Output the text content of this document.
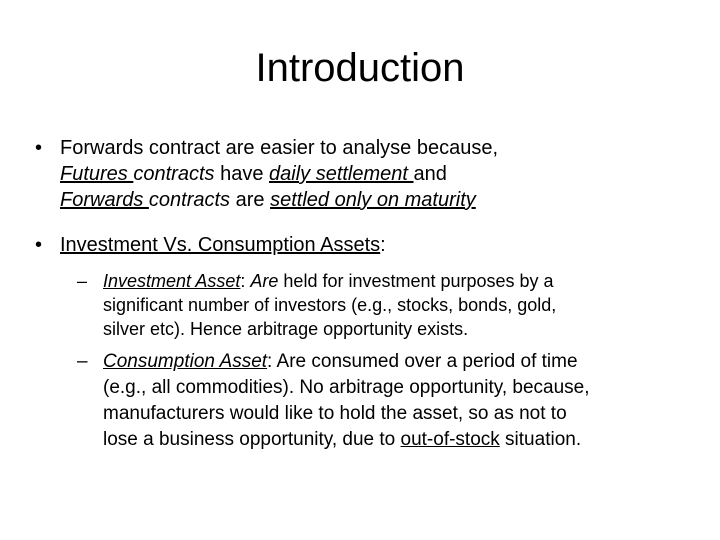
Introduction
• Forwards contract are easier to analyse because,
Futures contracts have daily settlement and
Forwards contracts are settled only on maturity
• Investment Vs. Consumption Assets:
– Investment Asset: Are held for investment purposes by a
significant number of investors (e.g., stocks, bonds, gold,
silver etc). Hence arbitrage opportunity exists.
– Consumption Asset: Are consumed over a period of time
(e.g., all commodities). No arbitrage opportunity, because,
manufacturers would like to hold the asset, so as not to
lose a business opportunity, due to out-of-stock situation.
